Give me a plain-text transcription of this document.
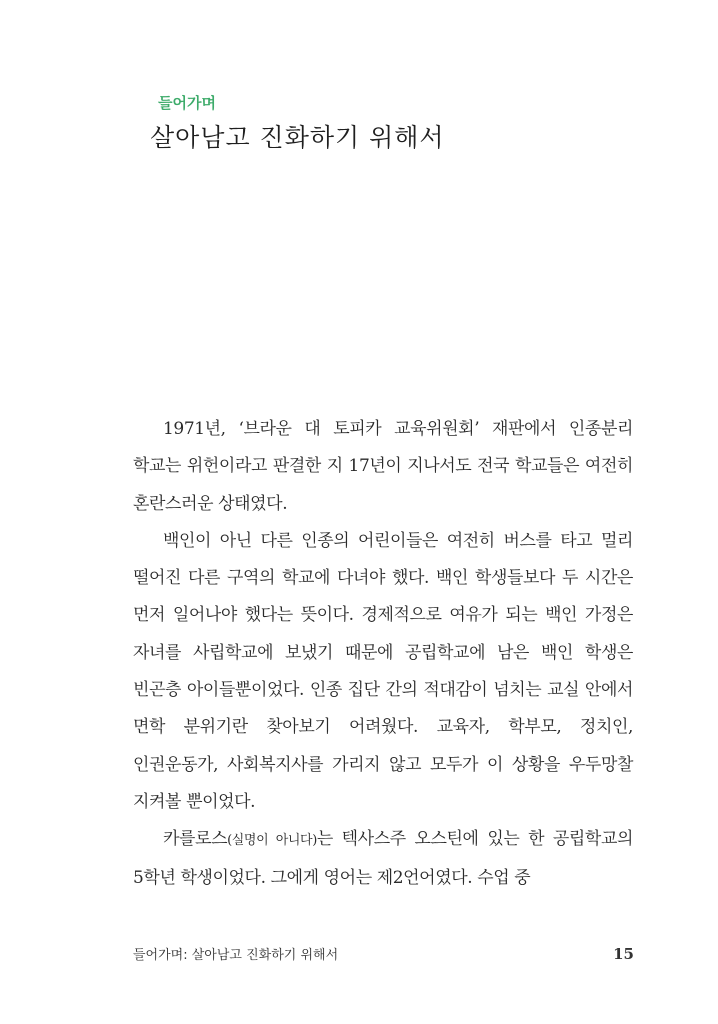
들어가며
살아남고 진화하기 위해서

1971년, ‘브라운 대 토피카 교육위원회’ 재판에서 인종분리 학교는 위헌이라고 판결한 지 17년이 지나서도 전국 학교들은 여전히 혼란스러운 상태였다.

백인이 아닌 다른 인종의 어린이들은 여전히 버스를 타고 멀리 떨어진 다른 구역의 학교에 다녀야 했다. 백인 학생들보다 두 시간은 먼저 일어나야 했다는 뜻이다. 경제적으로 여유가 되는 백인 가정은 자녀를 사립학교에 보냈기 때문에 공립학교에 남은 백인 학생은 빈곤층 아이들뿐이었다. 인종 집단 간의 적대감이 넘치는 교실 안에서 면학 분위기란 찾아보기 어려웠다. 교육자, 학부모, 정치인, 인권운동가, 사회복지사를 가리지 않고 모두가 이 상황을 우두망찰 지켜볼 뿐이었다.

카를로스(실명이 아니다)는 텍사스주 오스틴에 있는 한 공립학교의 5학년 학생이었다. 그에게 영어는 제2언어였다. 수업 중

들어가며: 살아남고 진화하기 위해서	15
